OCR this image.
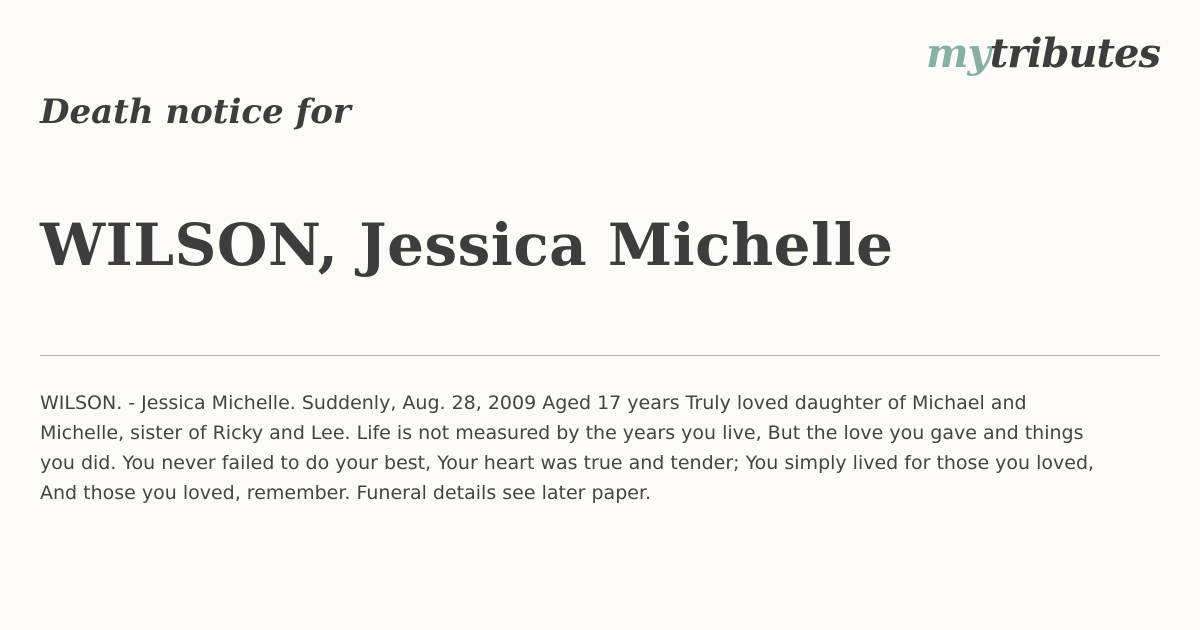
mytributes
Death notice for
WILSON, Jessica Michelle

WILSON. - Jessica Michelle. Suddenly, Aug. 28, 2009 Aged 17 years Truly loved daughter of Michael and Michelle, sister of Ricky and Lee. Life is not measured by the years you live, But the love you gave and things you did. You never failed to do your best, Your heart was true and tender; You simply lived for those you loved, And those you loved, remember. Funeral details see later paper.
